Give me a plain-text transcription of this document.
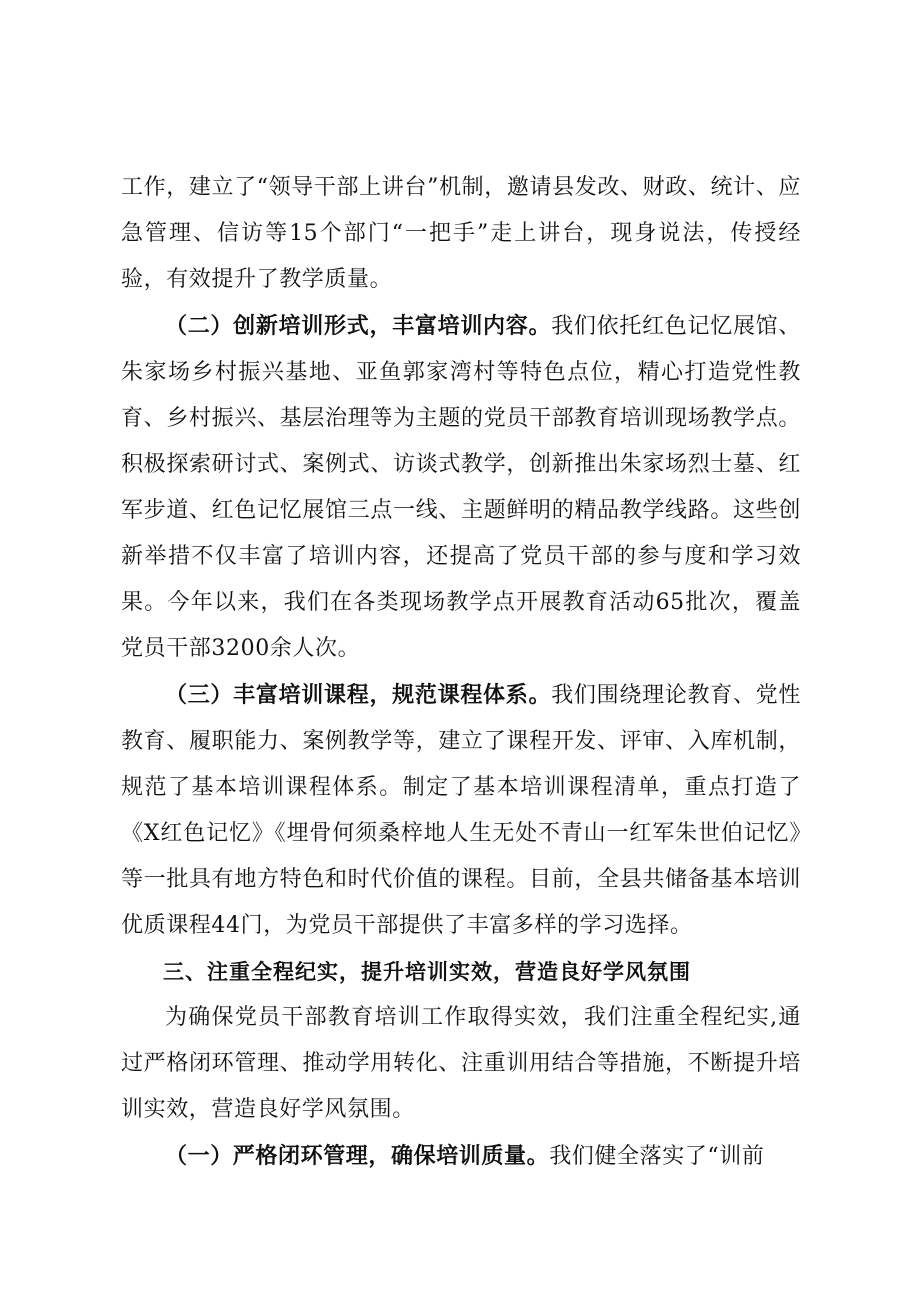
工作，建立了“领导干部上讲台”机制，邀请县发改、财政、统计、应急管理、信访等15个部门“一把手”走上讲台，现身说法，传授经验，有效提升了教学质量。

（二）创新培训形式，丰富培训内容。我们依托红色记忆展馆、朱家场乡村振兴基地、亚鱼郭家湾村等特色点位，精心打造党性教育、乡村振兴、基层治理等为主题的党员干部教育培训现场教学点。积极探索研讨式、案例式、访谈式教学，创新推出朱家场烈士墓、红军步道、红色记忆展馆三点一线、主题鲜明的精品教学线路。这些创新举措不仅丰富了培训内容，还提高了党员干部的参与度和学习效果。今年以来，我们在各类现场教学点开展教育活动65批次，覆盖党员干部3200余人次。

（三）丰富培训课程，规范课程体系。我们围绕理论教育、党性教育、履职能力、案例教学等，建立了课程开发、评审、入库机制，规范了基本培训课程体系。制定了基本培训课程清单，重点打造了《X红色记忆》《埋骨何须桑梓地人生无处不青山一红军朱世伯记忆》等一批具有地方特色和时代价值的课程。目前，全县共储备基本培训优质课程44门，为党员干部提供了丰富多样的学习选择。

三、注重全程纪实，提升培训实效，营造良好学风氛围

为确保党员干部教育培训工作取得实效，我们注重全程纪实,通过严格闭环管理、推动学用转化、注重训用结合等措施，不断提升培训实效，营造良好学风氛围。

（一）严格闭环管理，确保培训质量。我们健全落实了“训前
